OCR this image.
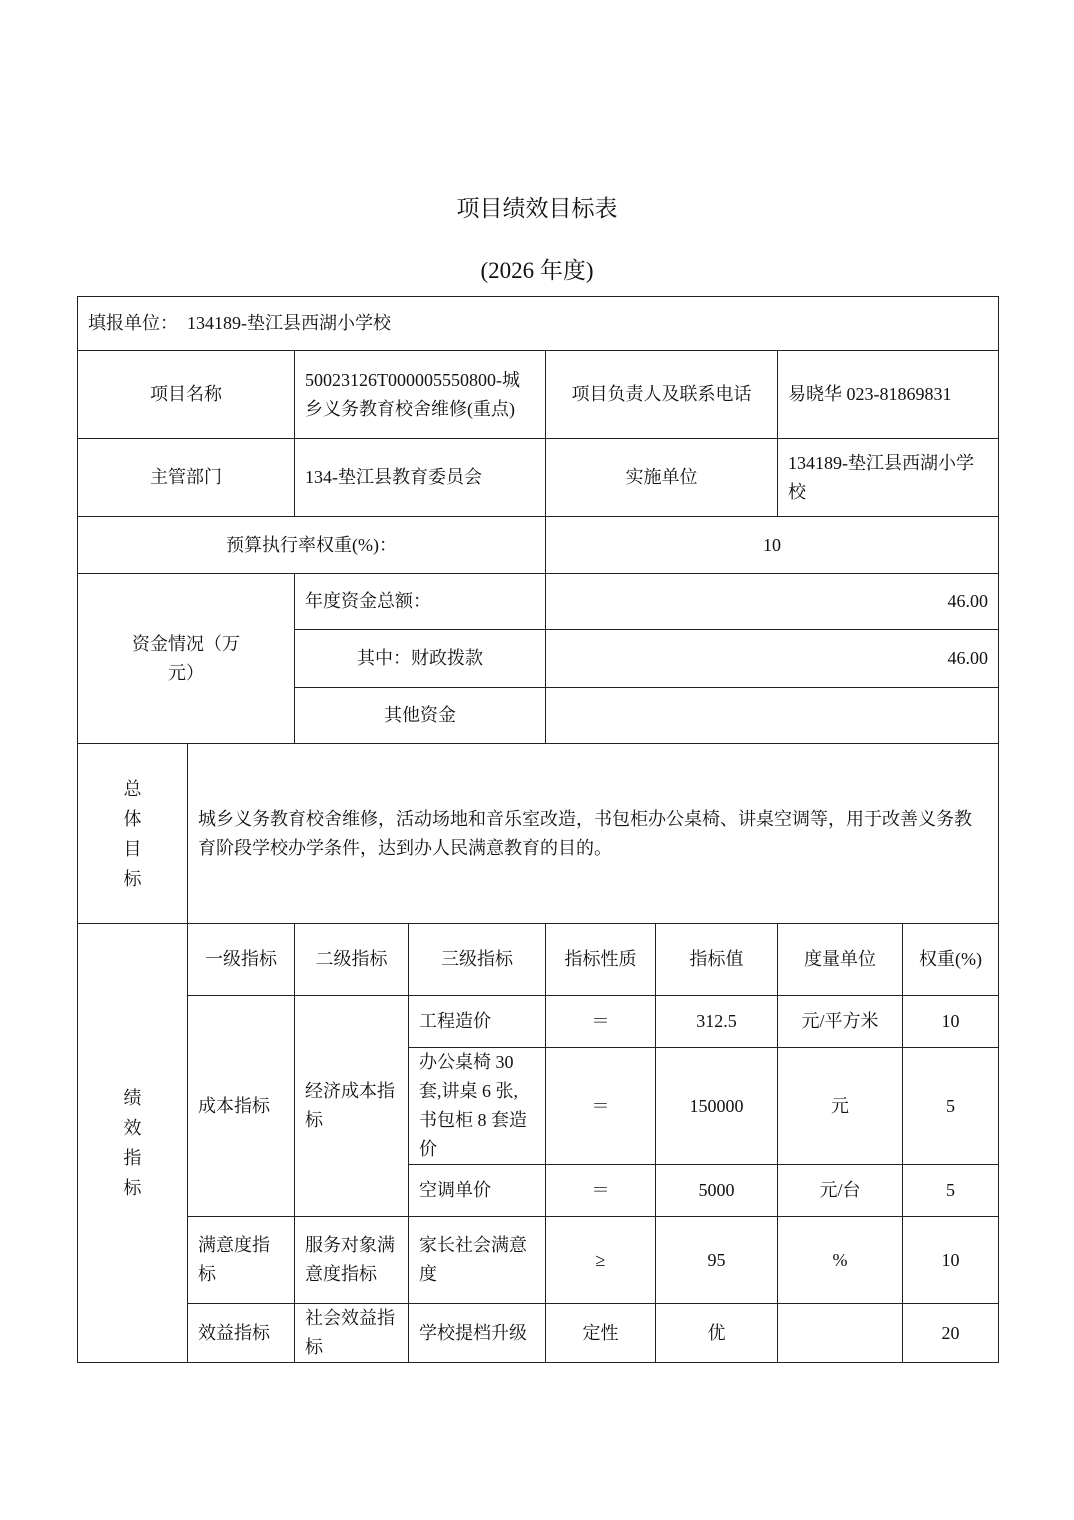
项目绩效目标表
(2026 年度)
填报单位： 134189-垫江县西湖小学校							
项目名称		50023126T000005550800-城乡义务教育校舍维修(重点)		项目负责人及联系电话		易晓华 023-81869831	
主管部门		134-垫江县教育委员会		实施单位		134189-垫江县西湖小学校	
预算执行率权重(%)：				10			
资金情况（万元）		年度资金总额：		46.00			
		其中：财政拨款		46.00			
		其他资金					

总
体
目
标	城乡义务教育校舍维修，活动场地和音乐室改造，书包柜办公桌椅、讲桌空调等，用于改善义务教育阶段学校办学条件，达到办人民满意教育的目的。						

绩
效
指
标	一级指标	二级指标	三级指标	指标性质	指标值	度量单位	权重(%)
	成本指标	经济成本指标	工程造价	＝	312.5	元/平方米	10
			办公桌椅 30 套,讲桌 6 张,书包柜 8 套造价	＝	150000	元	5
			空调单价	＝	5000	元/台	5
	满意度指标	服务对象满意度指标	家长社会满意度	≥	95	%	10
	效益指标	社会效益指标	学校提档升级	定性	优		20
